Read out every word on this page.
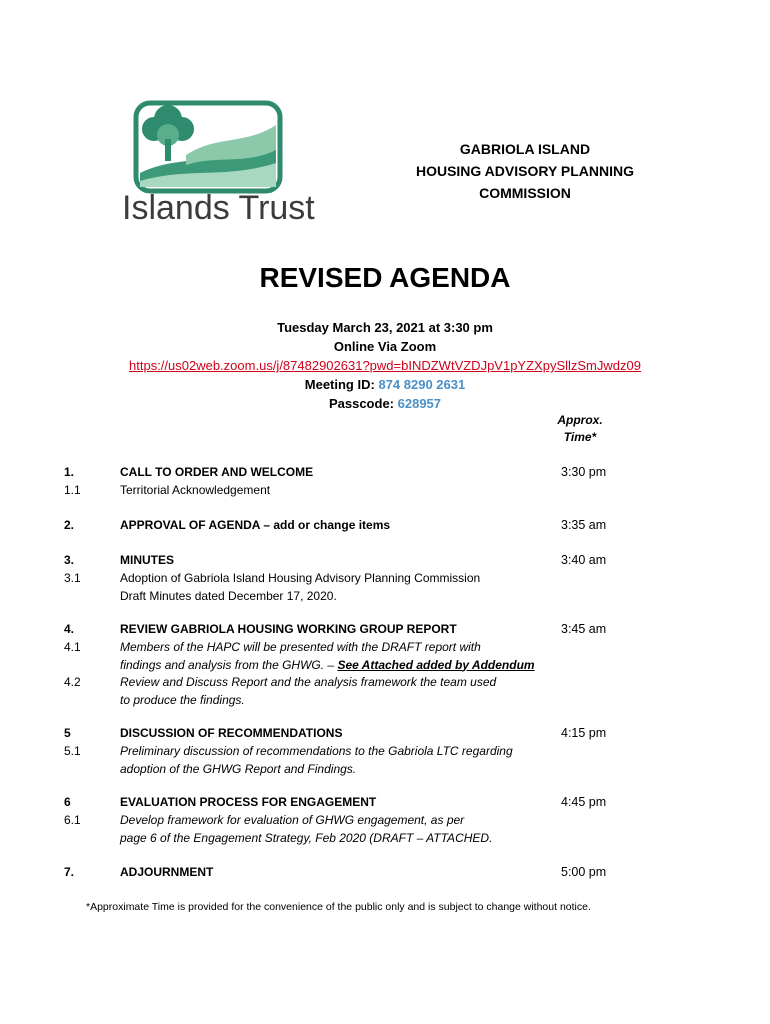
Islands Trust
GABRIOLA ISLAND
HOUSING ADVISORY PLANNING
COMMISSION
REVISED AGENDA
Tuesday March 23, 2021 at 3:30 pm
Online Via Zoom
https://us02web.zoom.us/j/87482902631?pwd=bINDZWtVZDJpV1pYZXpySllzSmJwdz09
Meeting ID: 874 8290 2631
Passcode: 628957
Approx.
Time*
1.	CALL TO ORDER AND WELCOME	3:30 pm
1.1	Territorial Acknowledgement
2.	APPROVAL OF AGENDA – add or change items	3:35 am
3.	MINUTES	3:40 am
3.1	Adoption of Gabriola Island Housing Advisory Planning Commission
Draft Minutes dated December 17, 2020.
4.	REVIEW GABRIOLA HOUSING WORKING GROUP REPORT	3:45 am
4.1	Members of the HAPC will be presented with the DRAFT report with
findings and analysis from the GHWG. – See Attached added by Addendum
4.2	Review and Discuss Report and the analysis framework the team used
to produce the findings.
5	DISCUSSION OF RECOMMENDATIONS	4:15 pm
5.1	Preliminary discussion of recommendations to the Gabriola LTC regarding
adoption of the GHWG Report and Findings.
6	EVALUATION PROCESS FOR ENGAGEMENT	4:45 pm
6.1	Develop framework for evaluation of GHWG engagement, as per
page 6 of the Engagement Strategy, Feb 2020 (DRAFT – ATTACHED.
7.	ADJOURNMENT	5:00 pm
*Approximate Time is provided for the convenience of the public only and is subject to change without notice.
